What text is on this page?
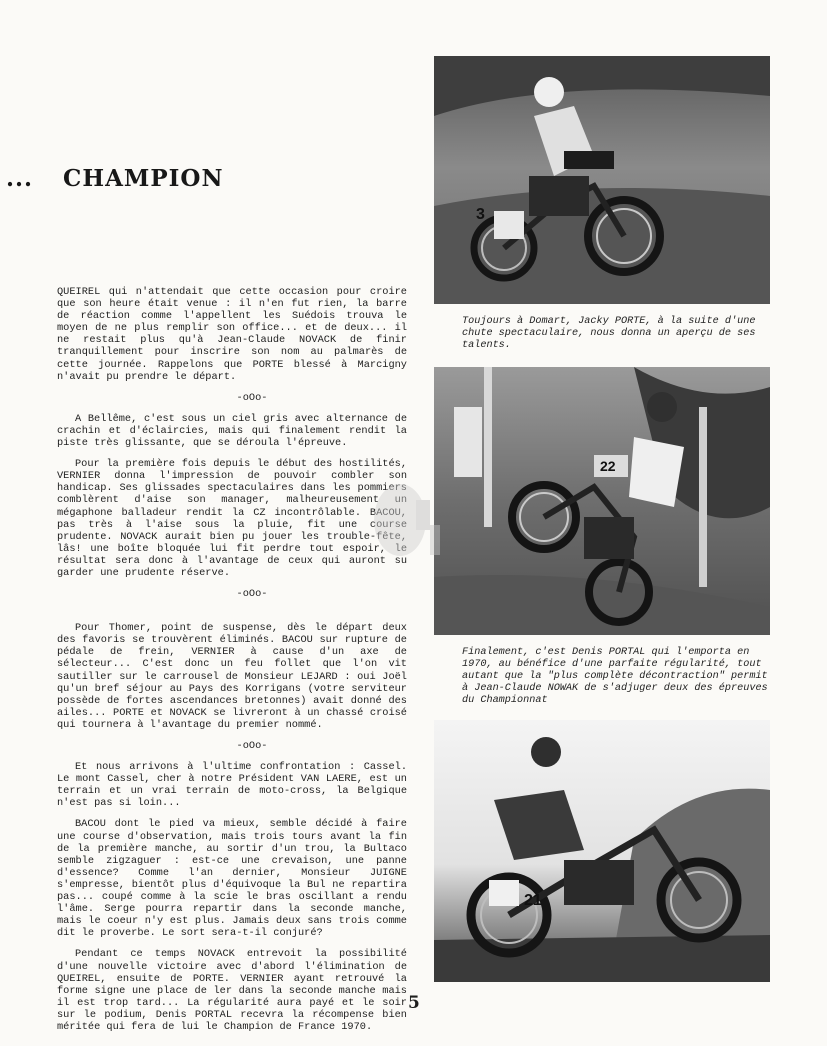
... CHAMPION

QUEIREL qui n'attendait que cette occasion pour croire que son heure était venue : il n'en fut rien, la barre de réaction comme l'appellent les Suédois trouva le moyen de ne plus remplir son office... et de deux... il ne restait plus qu'à Jean-Claude NOVACK de finir tranquillement pour inscrire son nom au palmarès de cette journée. Rappelons que PORTE blessé à Marcigny n'avait pu prendre le départ.

-oOo-

A Bellême, c'est sous un ciel gris avec alternance de crachin et d'éclaircies, mais qui finalement rendit la piste très glissante, que se déroula l'épreuve.

Pour la première fois depuis le début des hostilités, VERNIER donna l'impression de pouvoir combler son handicap. Ses glissades spectaculaires dans les pommiers comblèrent d'aise son manager, malheureusement un mégaphone balladeur rendit la CZ incontrôlable. BACOU, pas très à l'aise sous la pluie, fit une course prudente. NOVACK aurait bien pu jouer les trouble-fête, lâs! une boîte bloquée lui fit perdre tout espoir, le résultat sera donc à l'avantage de ceux qui auront su garder une prudente réserve.

-oOo-

Pour Thomer, point de suspense, dès le départ deux des favoris se trouvèrent éliminés. BACOU sur rupture de pédale de frein, VERNIER à cause d'un axe de sélecteur... C'est donc un feu follet que l'on vit sautiller sur le carrousel de Monsieur LEJARD : oui Joël qu'un bref séjour au Pays des Korrigans (votre serviteur possède de fortes ascendances bretonnes) avait donné des ailes... PORTE et NOVACK se livreront à un chassé croisé qui tournera à l'avantage du premier nommé.

-oOo-

Et nous arrivons à l'ultime confrontation : Cassel. Le mont Cassel, cher à notre Président VAN LAERE, est un terrain et un vrai terrain de moto-cross, la Belgique n'est pas si loin...

BACOU dont le pied va mieux, semble décidé à faire une course d'observation, mais trois tours avant la fin de la première manche, au sortir d'un trou, la Bultaco semble zigzaguer : est-ce une crevaison, une panne d'essence? Comme l'an dernier, Monsieur JUIGNE s'empresse, bientôt plus d'équivoque la Bul ne repartira pas... coupé comme à la scie le bras oscillant a rendu l'âme. Serge pourra repartir dans la seconde manche, mais le coeur n'y est plus. Jamais deux sans trois comme dit le proverbe. Le sort sera-t-il conjuré?

Pendant ce temps NOVACK entrevoit la possibilité d'une nouvelle victoire avec d'abord l'élimination de QUEIREL, ensuite de PORTE. VERNIER ayant retrouvé la forme signe une place de ler dans la seconde manche mais il est trop tard... La régularité aura payé et le soir sur le podium, Denis PORTAL recevra la récompense bien méritée qui fera de lui le Champion de France 1970.

3
Toujours à Domart, Jacky PORTE, à la suite d'une chute spectaculaire, nous donna un aperçu de ses talents.
22
Finalement, c'est Denis PORTAL qui l'emporta en 1970, au bénéfice d'une parfaite régularité, tout autant que la "plus complète décontraction" permit à Jean-Claude NOWAK de s'adjuger deux des épreuves du Championnat
21
5
